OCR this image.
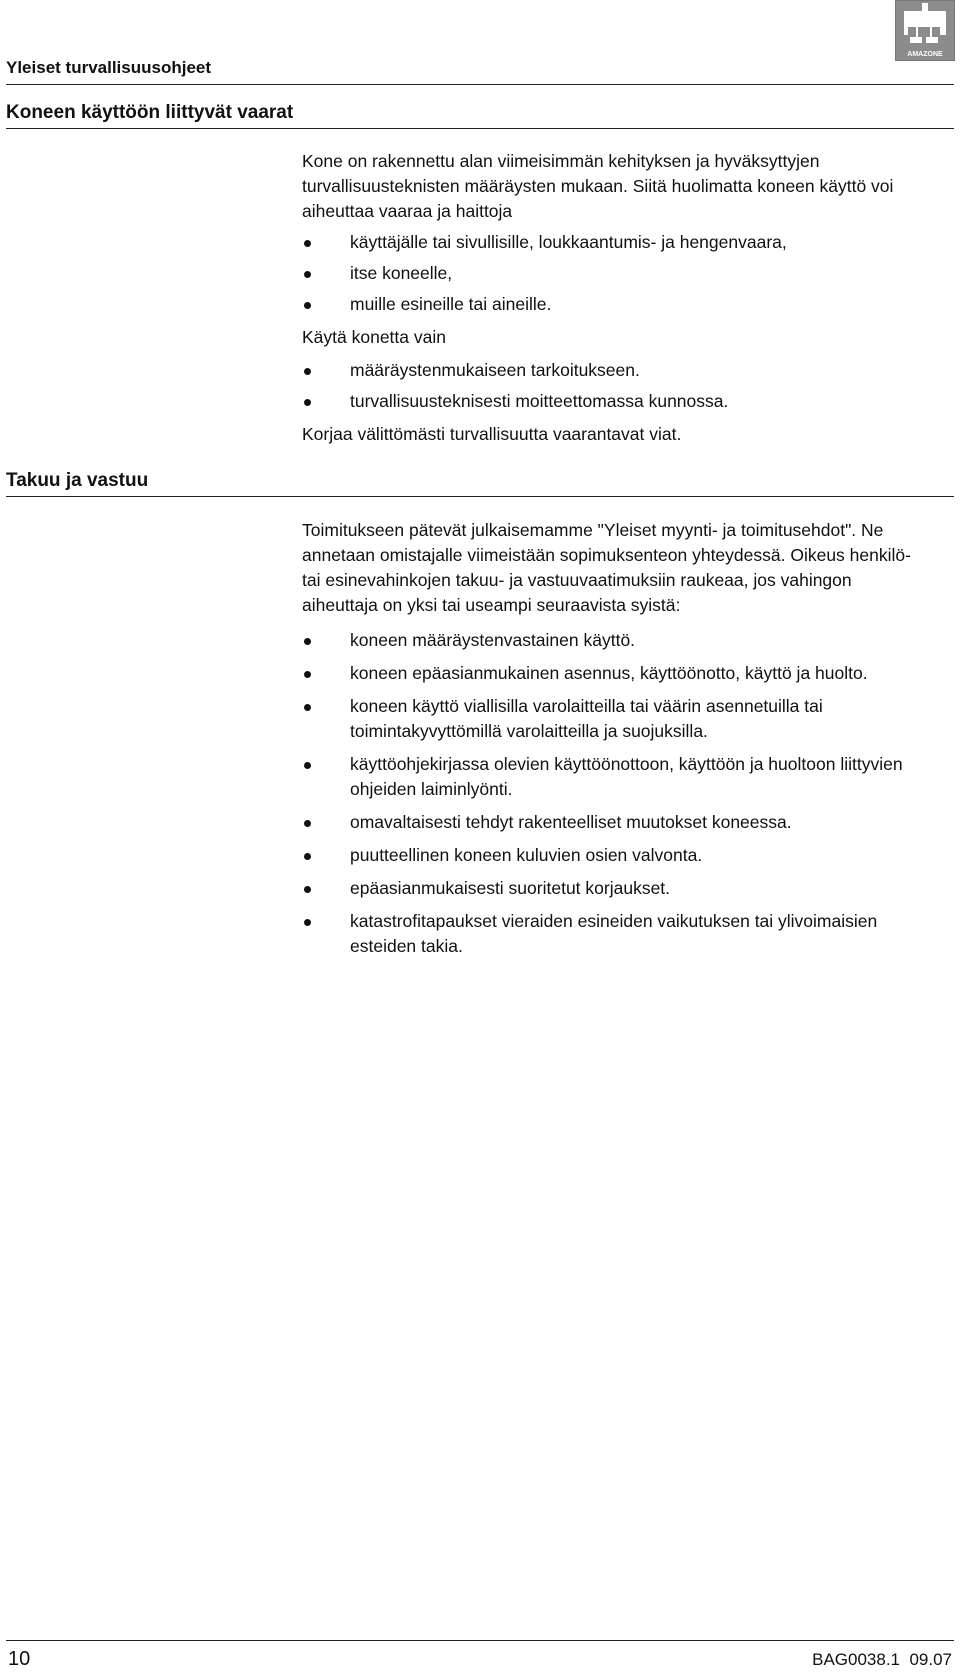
Yleiset turvallisuusohjeet
AMAZONE
Koneen käyttöön liittyvät vaarat

Kone on rakennettu alan viimeisimmän kehityksen ja hyväksyttyjen turvallisuusteknisten määräysten mukaan. Siitä huolimatta koneen käyttö voi aiheuttaa vaaraa ja haittoja

käyttäjälle tai sivullisille, loukkaantumis- ja hengenvaara,
itse koneelle,
muille esineille tai aineille.

Käytä konetta vain

määräystenmukaiseen tarkoitukseen.
turvallisuusteknisesti moitteettomassa kunnossa.

Korjaa välittömästi turvallisuutta vaarantavat viat.

Takuu ja vastuu

Toimitukseen pätevät julkaisemamme "Yleiset myynti- ja toimitusehdot". Ne annetaan omistajalle viimeistään sopimuksenteon yhteydessä. Oikeus henkilö- tai esinevahinkojen takuu- ja vastuuvaatimuksiin raukeaa, jos vahingon aiheuttaja on yksi tai useampi seuraavista syistä:

koneen määräystenvastainen käyttö.
koneen epäasianmukainen asennus, käyttöönotto, käyttö ja huolto.
koneen käyttö viallisilla varolaitteilla tai väärin asennetuilla tai toimintakyvyttömillä varolaitteilla ja suojuksilla.
käyttöohjekirjassa olevien käyttöönottoon, käyttöön ja huoltoon liittyvien ohjeiden laiminlyönti.
omavaltaisesti tehdyt rakenteelliset muutokset koneessa.
puutteellinen koneen kuluvien osien valvonta.
epäasianmukaisesti suoritetut korjaukset.
katastrofitapaukset vieraiden esineiden vaikutuksen tai ylivoimaisien esteiden takia.
10	BAG0038.1  09.07
